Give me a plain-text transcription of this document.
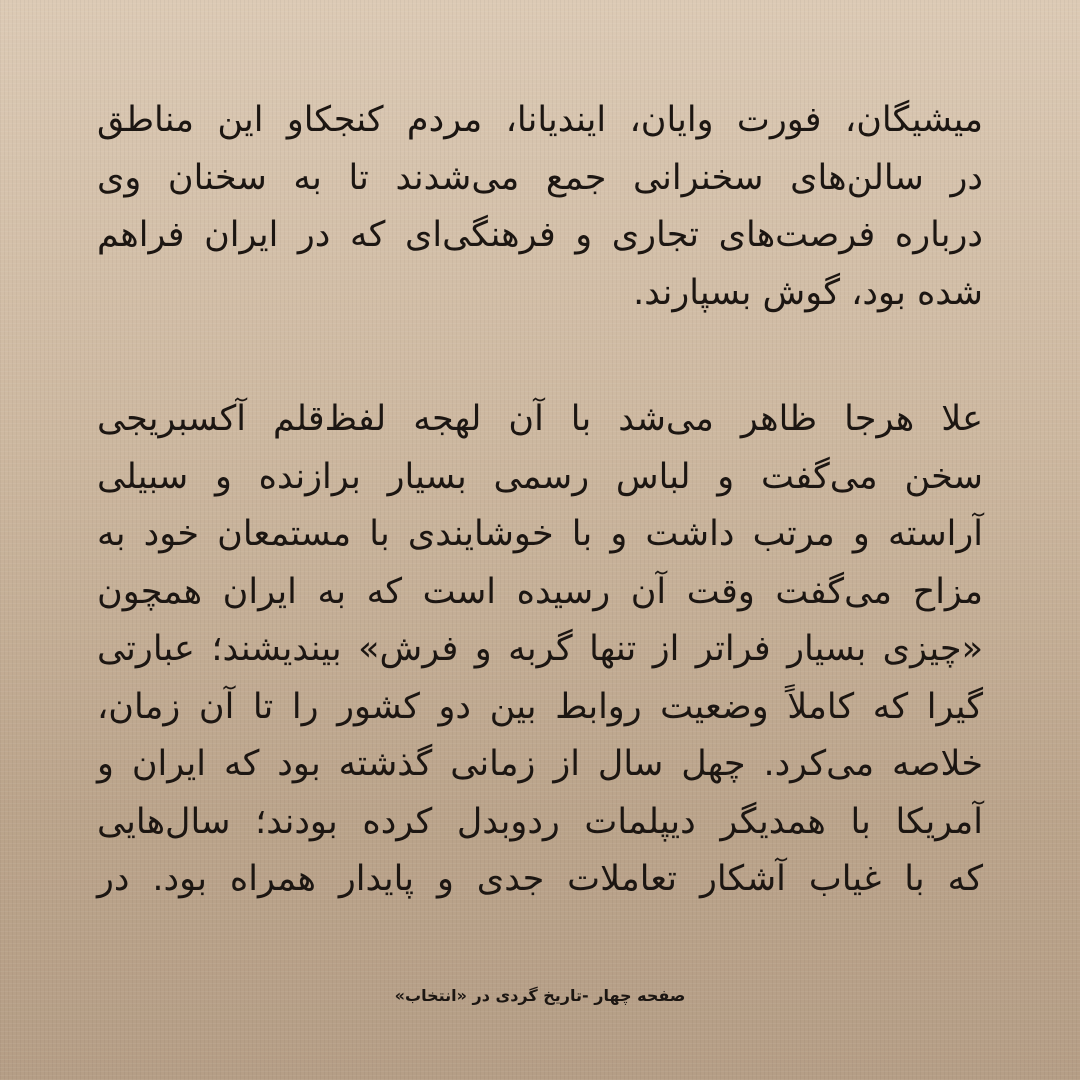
میشیگان، فورت وایان، ایندیانا، مردم کنجکاو این مناطق
در سالن‌های سخنرانی جمع می‌شدند تا به سخنان وی
درباره فرصت‌های تجاری و فرهنگی‌ای که در ایران فراهم
شده بود، گوش بسپارند.
علا هرجا ظاهر می‌شد با آن لهجه لفظ‌قلم آکسبریجی
سخن می‌گفت و لباس رسمی بسیار برازنده و سبیلی
آراسته و مرتب داشت و با خوشایندی با مستمعان خود به
مزاح می‌گفت وقت آن رسیده است که به ایران همچون
«چیزی بسیار فراتر از تنها گربه و فرش» بیندیشند؛ عبارتی
گیرا که کاملاً وضعیت روابط بین دو کشور را تا آن زمان،
خلاصه می‌کرد. چهل سال از زمانی گذشته بود که ایران و
آمریکا با همدیگر دیپلمات ردوبدل کرده بودند؛ سال‌هایی
که با غیاب آشکار تعاملات جدی و پایدار همراه بود. در
صفحه چهار -تاریخ گردی در «انتخاب»
